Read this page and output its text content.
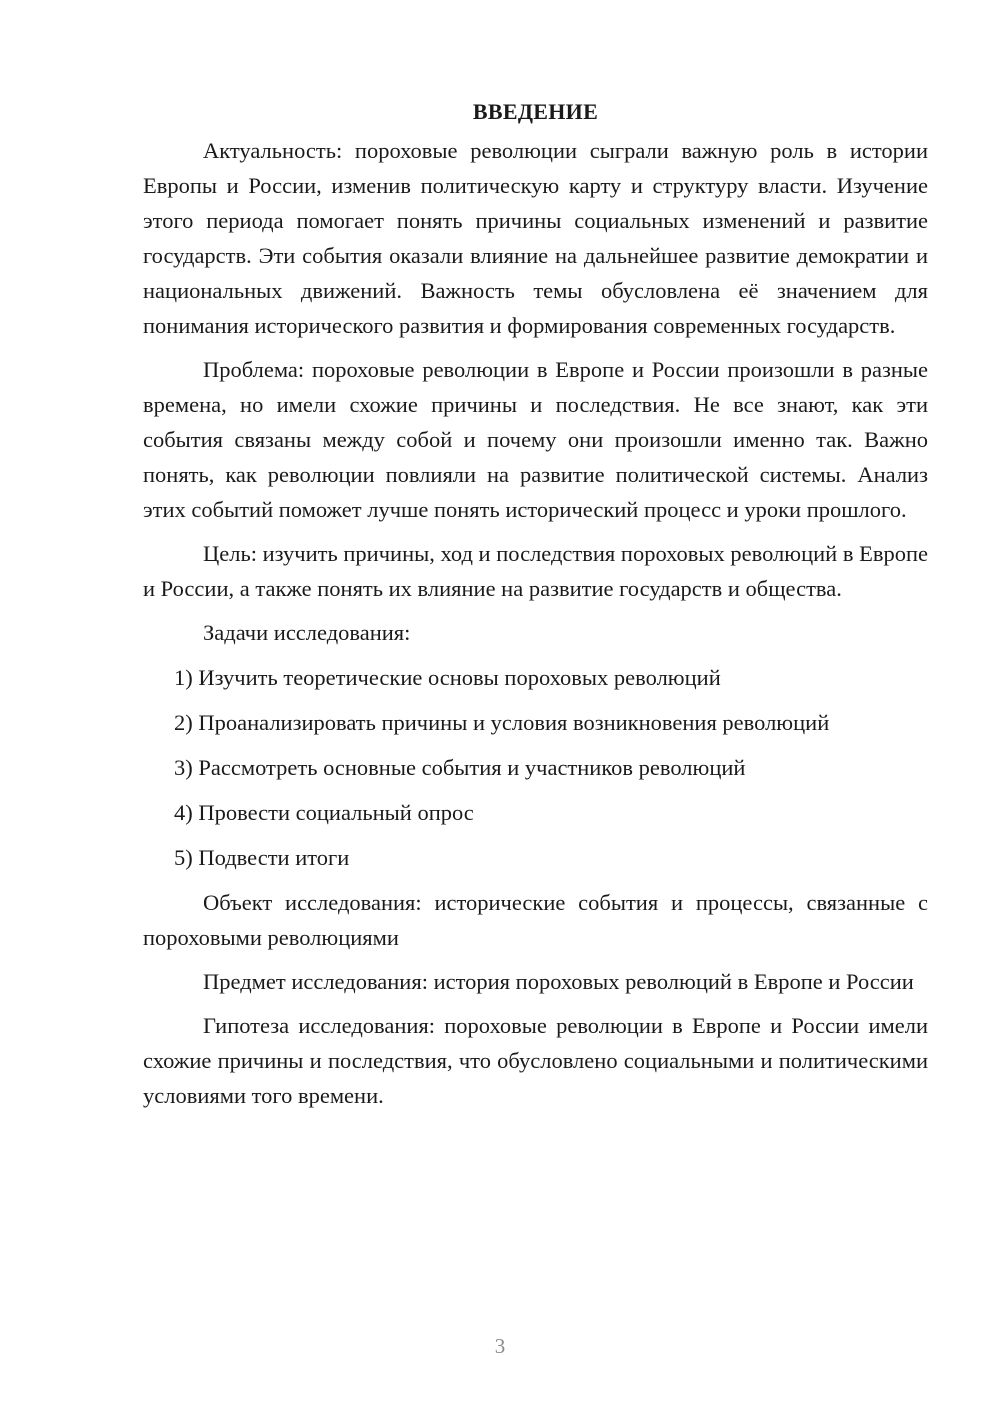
ВВЕДЕНИЕ

Актуальность: пороховые революции сыграли важную роль в истории Европы и России, изменив политическую карту и структуру власти. Изучение этого периода помогает понять причины социальных изменений и развитие государств. Эти события оказали влияние на дальнейшее развитие демократии и национальных движений. Важность темы обусловлена её значением для понимания исторического развития и формирования современных государств.

Проблема: пороховые революции в Европе и России произошли в разные времена, но имели схожие причины и последствия. Не все знают, как эти события связаны между собой и почему они произошли именно так. Важно понять, как революции повлияли на развитие политической системы. Анализ этих событий поможет лучше понять исторический процесс и уроки прошлого.

Цель: изучить причины, ход и последствия пороховых революций в Европе и России, а также понять их влияние на развитие государств и общества.

Задачи исследования:
1) Изучить теоретические основы пороховых революций
2) Проанализировать причины и условия возникновения революций
3) Рассмотреть основные события и участников революций
4) Провести социальный опрос
5) Подвести итоги

Объект исследования: исторические события и процессы, связанные с пороховыми революциями

Предмет исследования: история пороховых революций в Европе и России

Гипотеза исследования: пороховые революции в Европе и России имели схожие причины и последствия, что обусловлено социальными и политическими условиями того времени.

3
